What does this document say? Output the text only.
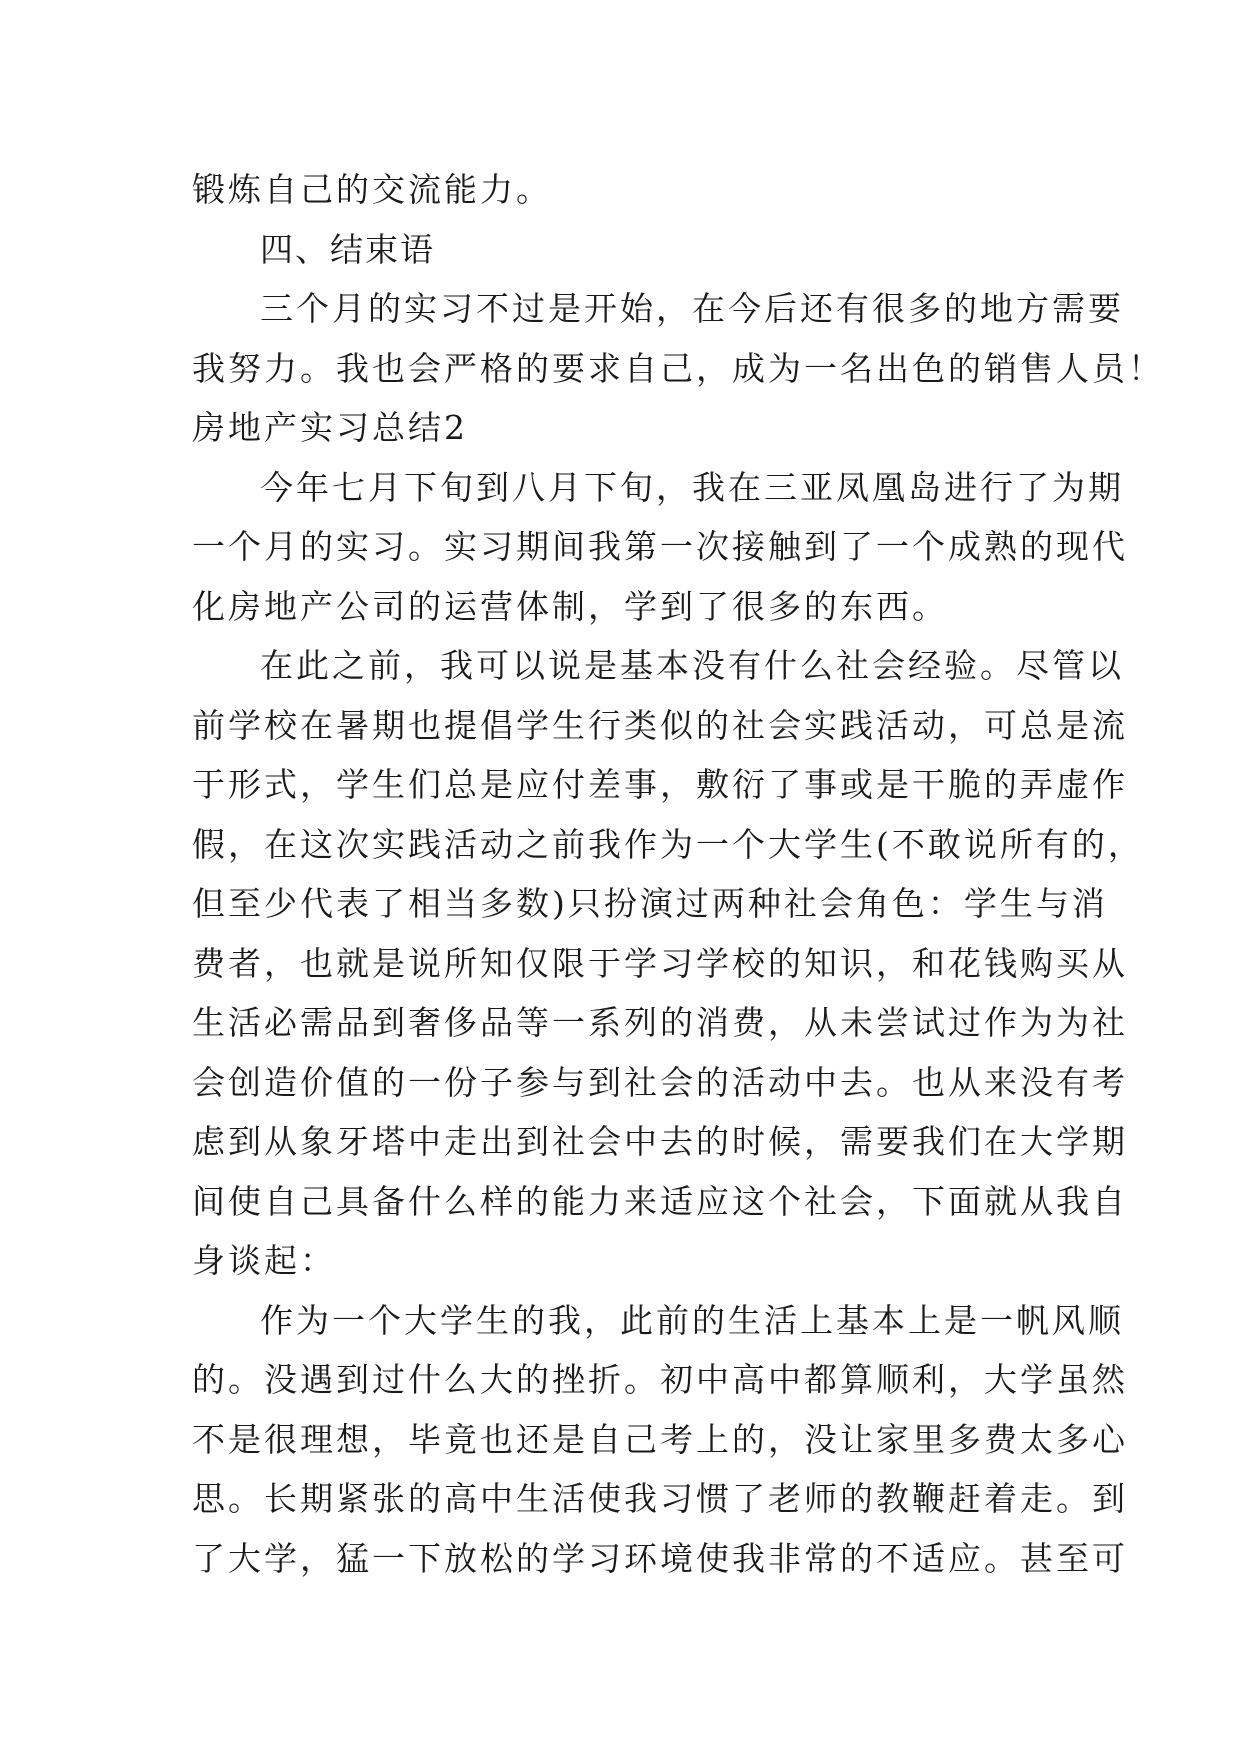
锻炼自己的交流能力。
四、结束语
三个月的实习不过是开始，在今后还有很多的地方需要
我努力。我也会严格的要求自己，成为一名出色的销售人员！
房地产实习总结2
今年七月下旬到八月下旬，我在三亚凤凰岛进行了为期
一个月的实习。实习期间我第一次接触到了一个成熟的现代
化房地产公司的运营体制，学到了很多的东西。
在此之前，我可以说是基本没有什么社会经验。尽管以
前学校在暑期也提倡学生行类似的社会实践活动，可总是流
于形式，学生们总是应付差事，敷衍了事或是干脆的弄虚作
假，在这次实践活动之前我作为一个大学生(不敢说所有的，
但至少代表了相当多数)只扮演过两种社会角色：学生与消
费者，也就是说所知仅限于学习学校的知识，和花钱购买从
生活必需品到奢侈品等一系列的消费，从未尝试过作为为社
会创造价值的一份子参与到社会的活动中去。也从来没有考
虑到从象牙塔中走出到社会中去的时候，需要我们在大学期
间使自己具备什么样的能力来适应这个社会，下面就从我自
身谈起：
作为一个大学生的我，此前的生活上基本上是一帆风顺
的。没遇到过什么大的挫折。初中高中都算顺利，大学虽然
不是很理想，毕竟也还是自己考上的，没让家里多费太多心
思。长期紧张的高中生活使我习惯了老师的教鞭赶着走。到
了大学，猛一下放松的学习环境使我非常的不适应。甚至可
